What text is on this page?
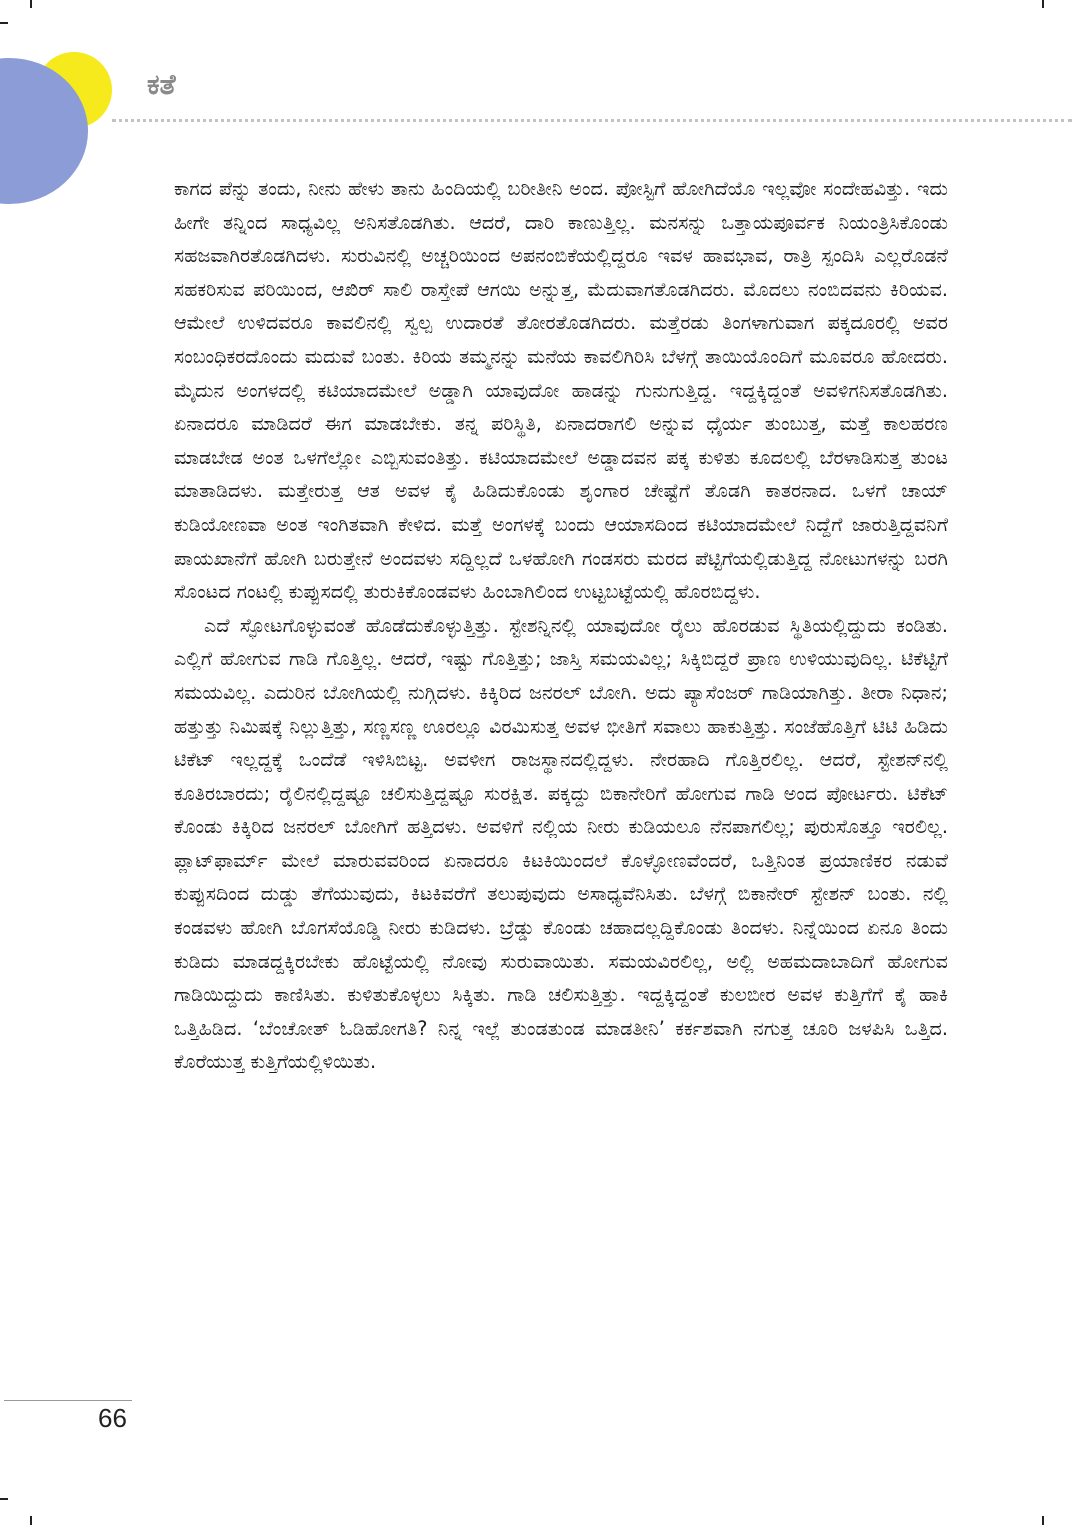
ಕತೆ

ಕಾಗದ ಪೆನ್ನು ತಂದು, ನೀನು ಹೇಳು ತಾನು ಹಿಂದಿಯಲ್ಲಿ ಬರೀತೀನಿ ಅಂದ. ಪೋಸ್ಟಿಗೆ ಹೋಗಿದೆಯೊ ಇಲ್ಲವೋ ಸಂದೇಹವಿತ್ತು. ಇದು ಹೀಗೇ ತನ್ನಿಂದ ಸಾಧ್ಯವಿಲ್ಲ ಅನಿಸತೊಡಗಿತು. ಆದರೆ, ದಾರಿ ಕಾಣುತ್ತಿಲ್ಲ. ಮನಸನ್ನು ಒತ್ತಾಯಪೂರ್ವಕ ನಿಯಂತ್ರಿಸಿಕೊಂಡು ಸಹಜವಾಗಿರತೊಡಗಿದಳು. ಸುರುವಿನಲ್ಲಿ ಅಚ್ಚರಿಯಿಂದ ಅಪನಂಬಿಕೆಯಲ್ಲಿದ್ದರೂ ಇವಳ ಹಾವಭಾವ, ರಾತ್ರಿ ಸ್ಪಂದಿಸಿ ಎಲ್ಲರೊಡನೆ ಸಹಕರಿಸುವ ಪರಿಯಿಂದ, ಆಖಿರ್ ಸಾಲಿ ರಾಸ್ತೇಪೆ ಆಗಯಿ ಅನ್ನುತ್ತ, ಮೆದುವಾಗತೊಡಗಿದರು. ಮೊದಲು ನಂಬಿದವನು ಕಿರಿಯವ. ಆಮೇಲೆ ಉಳಿದವರೂ ಕಾವಲಿನಲ್ಲಿ ಸ್ವಲ್ಪ ಉದಾರತೆ ತೋರತೊಡಗಿದರು. ಮತ್ತೆರಡು ತಿಂಗಳಾಗುವಾಗ ಪಕ್ಕದೂರಲ್ಲಿ ಅವರ ಸಂಬಂಧಿಕರದೊಂದು ಮದುವೆ ಬಂತು. ಕಿರಿಯ ತಮ್ಮನನ್ನು ಮನೆಯ ಕಾವಲಿಗಿರಿಸಿ ಬೆಳಗ್ಗೆ ತಾಯಿಯೊಂದಿಗೆ ಮೂವರೂ ಹೋದರು. ಮೈದುನ ಅಂಗಳದಲ್ಲಿ ಕಟಿಯಾದಮೇಲೆ ಅಡ್ಡಾಗಿ ಯಾವುದೋ ಹಾಡನ್ನು ಗುನುಗುತ್ತಿದ್ದ. ಇದ್ದಕ್ಕಿದ್ದಂತೆ ಅವಳಿಗನಿಸತೊಡಗಿತು. ಏನಾದರೂ ಮಾಡಿದರೆ ಈಗ ಮಾಡಬೇಕು. ತನ್ನ ಪರಿಸ್ಥಿತಿ, ಏನಾದರಾಗಲಿ ಅನ್ನುವ ಧೈರ್ಯ ತುಂಬುತ್ತ, ಮತ್ತೆ ಕಾಲಹರಣ ಮಾಡಬೇಡ ಅಂತ ಒಳಗೆಲ್ಲೋ ಎಬ್ಬಿಸುವಂತಿತ್ತು. ಕಟಿಯಾದಮೇಲೆ ಅಡ್ಡಾದವನ ಪಕ್ಕ ಕುಳಿತು ಕೂದಲಲ್ಲಿ ಬೆರಳಾಡಿಸುತ್ತ ತುಂಟ ಮಾತಾಡಿದಳು. ಮತ್ತೇರುತ್ತ ಆತ ಅವಳ ಕೈ ಹಿಡಿದುಕೊಂಡು ಶೃಂಗಾರ ಚೇಷ್ಟೆಗೆ ತೊಡಗಿ ಕಾತರನಾದ. ಒಳಗೆ ಚಾಯ್ ಕುಡಿಯೋಣವಾ ಅಂತ ಇಂಗಿತವಾಗಿ ಕೇಳಿದ. ಮತ್ತೆ ಅಂಗಳಕ್ಕೆ ಬಂದು ಆಯಾಸದಿಂದ ಕಟಿಯಾದಮೇಲೆ ನಿದ್ದೆಗೆ ಜಾರುತ್ತಿದ್ದವನಿಗೆ ಪಾಯಖಾನೆಗೆ ಹೋಗಿ ಬರುತ್ತೇನೆ ಅಂದವಳು ಸದ್ದಿಲ್ಲದೆ ಒಳಹೋಗಿ ಗಂಡಸರು ಮರದ ಪೆಟ್ಟಿಗೆಯಲ್ಲಿಡುತ್ತಿದ್ದ ನೋಟುಗಳನ್ನು ಬರಗಿ ಸೊಂಟದ ಗಂಟಲ್ಲಿ ಕುಪ್ಪುಸದಲ್ಲಿ ತುರುಕಿಕೊಂಡವಳು ಹಿಂಬಾಗಿಲಿಂದ ಉಟ್ಟಬಟ್ಟೆಯಲ್ಲಿ ಹೊರಬಿದ್ದಳು.

ಎದೆ ಸ್ಫೋಟಗೊಳ್ಳುವಂತೆ ಹೊಡೆದುಕೊಳ್ಳುತ್ತಿತ್ತು. ಸ್ಟೇಶನ್ನಿನಲ್ಲಿ ಯಾವುದೋ ರೈಲು ಹೊರಡುವ ಸ್ಥಿತಿಯಲ್ಲಿದ್ದುದು ಕಂಡಿತು. ಎಲ್ಲಿಗೆ ಹೋಗುವ ಗಾಡಿ ಗೊತ್ತಿಲ್ಲ. ಆದರೆ, ಇಷ್ಟು ಗೊತ್ತಿತ್ತು; ಜಾಸ್ತಿ ಸಮಯವಿಲ್ಲ; ಸಿಕ್ಕಿಬಿದ್ದರೆ ಪ್ರಾಣ ಉಳಿಯುವುದಿಲ್ಲ. ಟಿಕೆಟ್ಟಿಗೆ ಸಮಯವಿಲ್ಲ. ಎದುರಿನ ಬೋಗಿಯಲ್ಲಿ ನುಗ್ಗಿದಳು. ಕಿಕ್ಕಿರಿದ ಜನರಲ್ ಬೋಗಿ. ಅದು ಪ್ಯಾಸೆಂಜರ್ ಗಾಡಿಯಾಗಿತ್ತು. ತೀರಾ ನಿಧಾನ; ಹತ್ತುತ್ತು ನಿಮಿಷಕ್ಕೆ ನಿಲ್ಲುತ್ತಿತ್ತು, ಸಣ್ಣಸಣ್ಣ ಊರಲ್ಲೂ ವಿರಮಿಸುತ್ತ ಅವಳ ಭೀತಿಗೆ ಸವಾಲು ಹಾಕುತ್ತಿತ್ತು. ಸಂಜೆಹೊತ್ತಿಗೆ ಟಿಟಿ ಹಿಡಿದು ಟಿಕೆಟ್ ಇಲ್ಲದ್ದಕ್ಕೆ ಒಂದೆಡೆ ಇಳಿಸಿಬಿಟ್ಟ. ಅವಳೀಗ ರಾಜಸ್ಥಾನದಲ್ಲಿದ್ದಳು. ನೇರಹಾದಿ ಗೊತ್ತಿರಲಿಲ್ಲ. ಆದರೆ, ಸ್ಟೇಶನ್‌ನಲ್ಲಿ ಕೂತಿರಬಾರದು; ರೈಲಿನಲ್ಲಿದ್ದಷ್ಟೂ ಚಲಿಸುತ್ತಿದ್ದಷ್ಟೂ ಸುರಕ್ಷಿತ. ಪಕ್ಕದ್ದು ಬಿಕಾನೇರಿಗೆ ಹೋಗುವ ಗಾಡಿ ಅಂದ ಪೋರ್ಟರು. ಟಿಕೆಟ್ ಕೊಂಡು ಕಿಕ್ಕಿರಿದ ಜನರಲ್ ಬೋಗಿಗೆ ಹತ್ತಿದಳು. ಅವಳಿಗೆ ನಲ್ಲಿಯ ನೀರು ಕುಡಿಯಲೂ ನೆನಪಾಗಲಿಲ್ಲ; ಪುರುಸೊತ್ತೂ ಇರಲಿಲ್ಲ. ಪ್ಲಾಟ್‌ಫಾರ್ಮ್ ಮೇಲೆ ಮಾರುವವರಿಂದ ಏನಾದರೂ ಕಿಟಕಿಯಿಂದಲೆ ಕೊಳ್ಳೋಣವೆಂದರೆ, ಒತ್ತಿನಿಂತ ಪ್ರಯಾಣಿಕರ ನಡುವೆ ಕುಪ್ಪುಸದಿಂದ ದುಡ್ಡು ತೆಗೆಯುವುದು, ಕಿಟಕಿವರೆಗೆ ತಲುಪುವುದು ಅಸಾಧ್ಯವೆನಿಸಿತು. ಬೆಳಗ್ಗೆ ಬಿಕಾನೇರ್ ಸ್ಟೇಶನ್ ಬಂತು. ನಲ್ಲಿ ಕಂಡವಳು ಹೋಗಿ ಬೊಗಸೆಯೊಡ್ಡಿ ನೀರು ಕುಡಿದಳು. ಬ್ರೆಡ್ಡು ಕೊಂಡು ಚಹಾದಲ್ಲದ್ದಿಕೊಂಡು ತಿಂದಳು. ನಿನ್ನೆಯಿಂದ ಏನೂ ತಿಂದು ಕುಡಿದು ಮಾಡದ್ದಕ್ಕಿರಬೇಕು ಹೊಟ್ಟೆಯಲ್ಲಿ ನೋವು ಸುರುವಾಯಿತು. ಸಮಯವಿರಲಿಲ್ಲ, ಅಲ್ಲಿ ಅಹಮದಾಬಾದಿಗೆ ಹೋಗುವ ಗಾಡಿಯಿದ್ದುದು ಕಾಣಿಸಿತು. ಕುಳಿತುಕೊಳ್ಳಲು ಸಿಕ್ಕಿತು. ಗಾಡಿ ಚಲಿಸುತ್ತಿತ್ತು. ಇದ್ದಕ್ಕಿದ್ದಂತೆ ಕುಲಬೀರ ಅವಳ ಕುತ್ತಿಗೆಗೆ ಕೈ ಹಾಕಿ ಒತ್ತಿಹಿಡಿದ. ‘ಬೆಂಚೋತ್ ಓಡಿಹೋಗತಿ? ನಿನ್ನ ಇಲ್ಲೆ ತುಂಡತುಂಡ ಮಾಡತೀನಿ’ ಕರ್ಕಶವಾಗಿ ನಗುತ್ತ ಚೂರಿ ಜಳಪಿಸಿ ಒತ್ತಿದ. ಕೊರೆಯುತ್ತ ಕುತ್ತಿಗೆಯಲ್ಲಿಳಿಯಿತು.

66
